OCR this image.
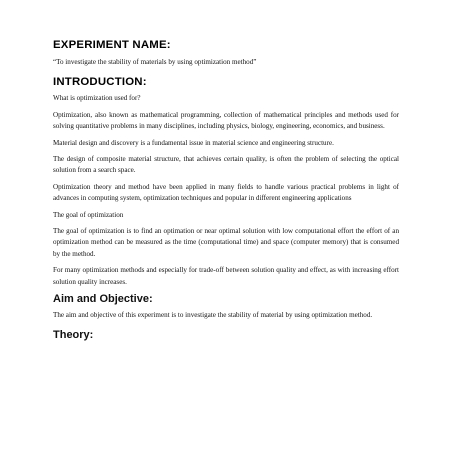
EXPERIMENT NAME:

“To investigate the stability of materials by using optimization method”

INTRODUCTION:

What is optimization used for?

Optimization, also known as mathematical programming, collection of mathematical principles and methods used for solving quantitative problems in many disciplines, including physics, biology, engineering, economics, and business.

Material design and discovery is a fundamental issue in material science and engineering structure.

The design of composite material structure, that achieves certain quality, is often the problem of selecting the optical solution from a search space.

Optimization theory and method have been applied in many fields to handle various practical problems in light of advances in computing system, optimization techniques and popular in different engineering applications

The goal of optimization

The goal of optimization is to find an optimation or near optimal solution with low computational effort the effort of an optimization method can be measured as the time (computational time) and space (computer memory) that is consumed by the method.

For many optimization methods and especially for trade-off between solution quality and effect, as with increasing effort solution quality increases.

Aim and Objective:

The aim and objective of this experiment is to investigate the stability of material by using optimization method.

Theory:
